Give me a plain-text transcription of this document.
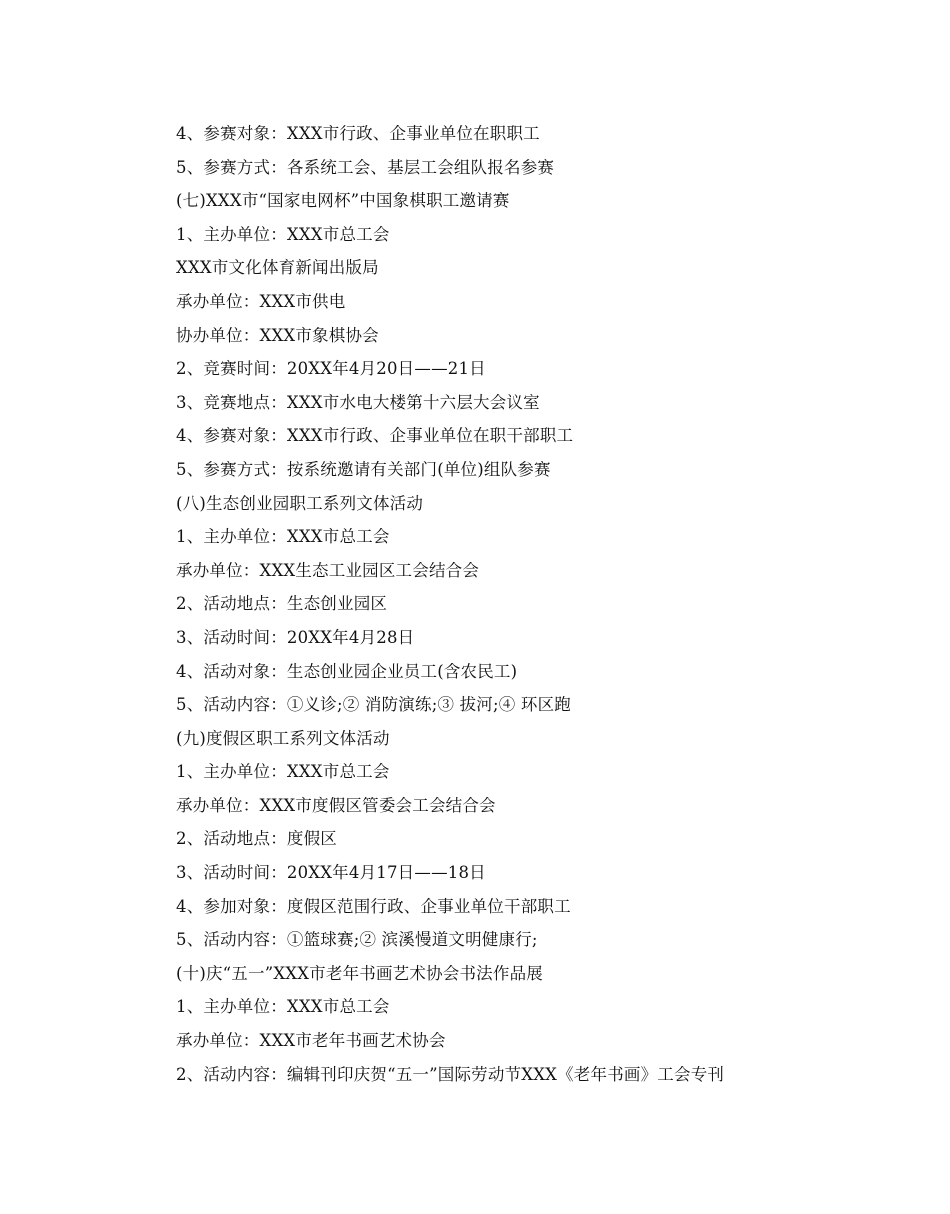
4、参赛对象：XXX市行政、企事业单位在职职工
5、参赛方式：各系统工会、基层工会组队报名参赛
(七)XXX市“国家电网杯”中国象棋职工邀请赛
1、主办单位：XXX市总工会
XXX市文化体育新闻出版局
承办单位：XXX市供电
协办单位：XXX市象棋协会
2、竞赛时间：20XX年4月20日——21日
3、竞赛地点：XXX市水电大楼第十六层大会议室
4、参赛对象：XXX市行政、企事业单位在职干部职工
5、参赛方式：按系统邀请有关部门(单位)组队参赛
(八)生态创业园职工系列文体活动
1、主办单位：XXX市总工会
承办单位：XXX生态工业园区工会结合会
2、活动地点：生态创业园区
3、活动时间：20XX年4月28日
4、活动对象：生态创业园企业员工(含农民工)
5、活动内容：①义诊;② 消防演练;③ 拔河;④ 环区跑
(九)度假区职工系列文体活动
1、主办单位：XXX市总工会
承办单位：XXX市度假区管委会工会结合会
2、活动地点：度假区
3、活动时间：20XX年4月17日——18日
4、参加对象：度假区范围行政、企事业单位干部职工
5、活动内容：①篮球赛;② 滨溪慢道文明健康行;
(十)庆“五一”XXX市老年书画艺术协会书法作品展
1、主办单位：XXX市总工会
承办单位：XXX市老年书画艺术协会
2、活动内容：编辑刊印庆贺“五一”国际劳动节XXX《老年书画》工会专刊
